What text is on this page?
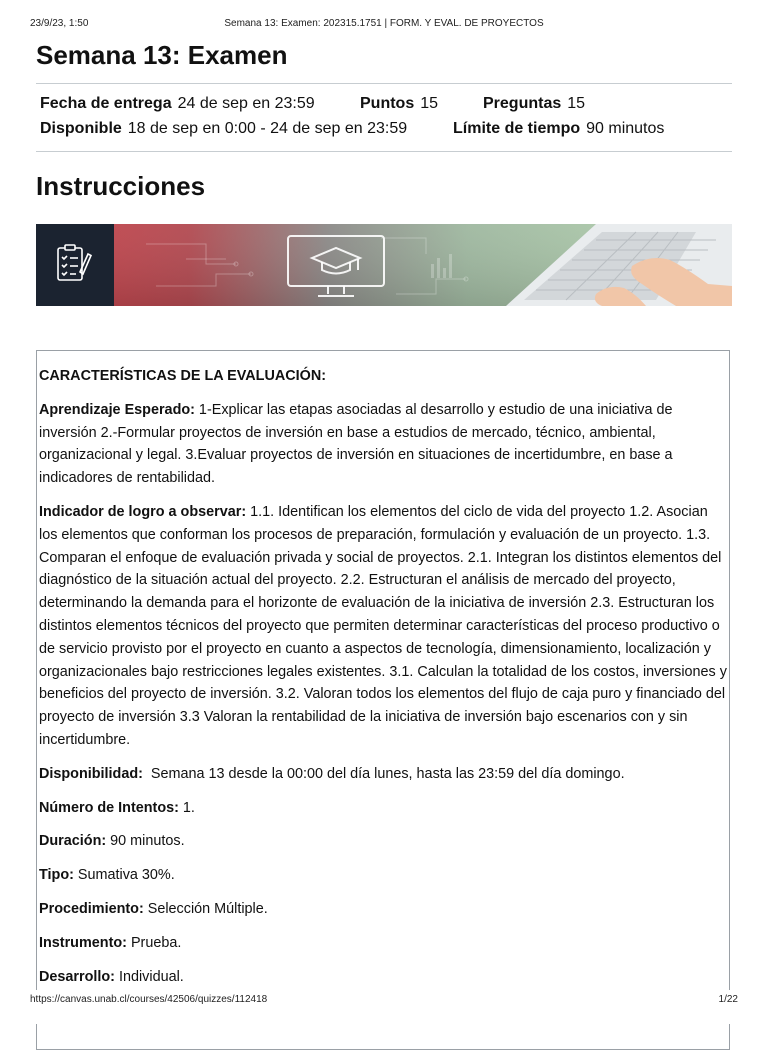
23/9/23, 1:50	Semana 13: Examen: 202315.1751 | FORM. Y EVAL. DE PROYECTOS
Semana 13: Examen
Fecha de entrega 24 de sep en 23:59	Puntos 15	Preguntas 15
Disponible 18 de sep en 0:00 - 24 de sep en 23:59	Límite de tiempo 90 minutos
Instrucciones

CARACTERÍSTICAS DE LA EVALUACIÓN:

Aprendizaje Esperado: 1-Explicar las etapas asociadas al desarrollo y estudio de una iniciativa de inversión 2.-Formular proyectos de inversión en base a estudios de mercado, técnico, ambiental, organizacional y legal. 3.Evaluar proyectos de inversión en situaciones de incertidumbre, en base a indicadores de rentabilidad.

Indicador de logro a observar: 1.1. Identifican los elementos del ciclo de vida del proyecto 1.2. Asocian los elementos que conforman los procesos de preparación, formulación y evaluación de un proyecto. 1.3. Comparan el enfoque de evaluación privada y social de proyectos. 2.1. Integran los distintos elementos del diagnóstico de la situación actual del proyecto. 2.2. Estructuran el análisis de mercado del proyecto, determinando la demanda para el horizonte de evaluación de la iniciativa de inversión 2.3. Estructuran los distintos elementos técnicos del proyecto que permiten determinar características del proceso productivo o de servicio provisto por el proyecto en cuanto a aspectos de tecnología, dimensionamiento, localización y organizacionales bajo restricciones legales existentes. 3.1. Calculan la totalidad de los costos, inversiones y beneficios del proyecto de inversión. 3.2. Valoran todos los elementos del flujo de caja puro y financiado del proyecto de inversión 3.3 Valoran la rentabilidad de la iniciativa de inversión bajo escenarios con y sin incertidumbre.

Disponibilidad:  Semana 13 desde la 00:00 del día lunes, hasta las 23:59 del día domingo.

Número de Intentos: 1.

Duración: 90 minutos.

Tipo: Sumativa 30%.

Procedimiento: Selección Múltiple.

Instrumento: Prueba.

Desarrollo: Individual.

https://canvas.unab.cl/courses/42506/quizzes/112418	1/22
